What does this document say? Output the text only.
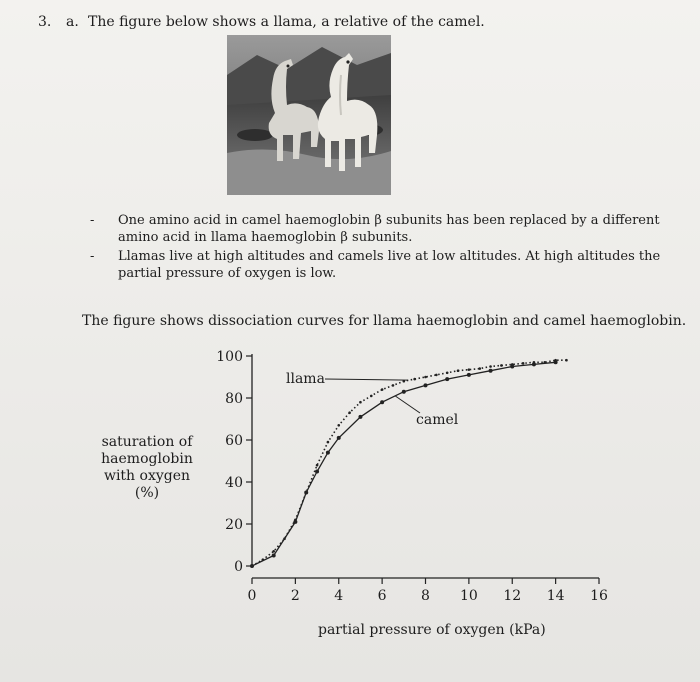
3. a. The figure below shows a llama, a relative of the camel.
- One amino acid in camel haemoglobin β subunits has been replaced by a different amino acid in llama haemoglobin β subunits.
- Llamas live at high altitudes and camels live at low altitudes. At high altitudes the partial pressure of oxygen is low.
The figure shows dissociation curves for llama haemoglobin and camel haemoglobin.
saturation of
haemoglobin
with oxygen
(%)
0
20
40
60
80
100
0 2 4 6 8 10 12 14 16
llama
camel
partial pressure of oxygen (kPa)
